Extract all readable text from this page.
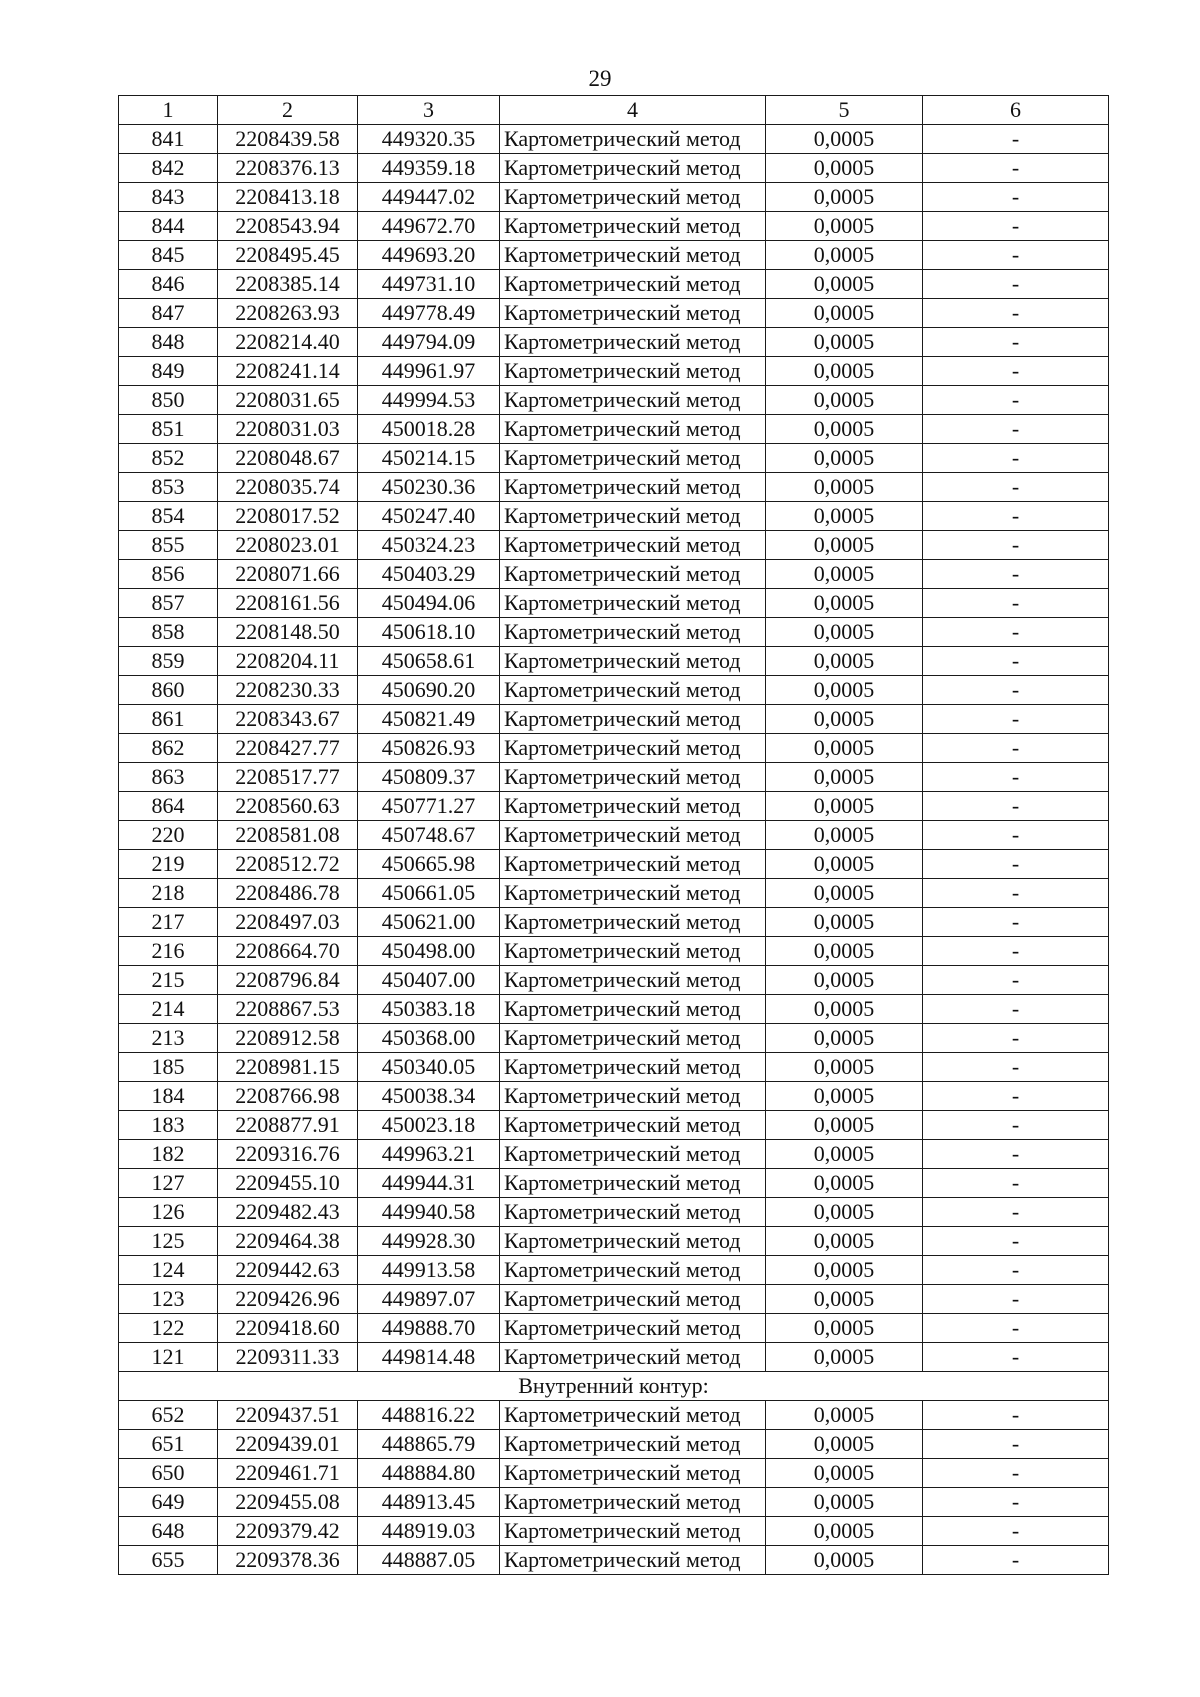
29
1	2	3	4	5	6
841	2208439.58	449320.35	Картометрический метод	0,0005	-
842	2208376.13	449359.18	Картометрический метод	0,0005	-
843	2208413.18	449447.02	Картометрический метод	0,0005	-
844	2208543.94	449672.70	Картометрический метод	0,0005	-
845	2208495.45	449693.20	Картометрический метод	0,0005	-
846	2208385.14	449731.10	Картометрический метод	0,0005	-
847	2208263.93	449778.49	Картометрический метод	0,0005	-
848	2208214.40	449794.09	Картометрический метод	0,0005	-
849	2208241.14	449961.97	Картометрический метод	0,0005	-
850	2208031.65	449994.53	Картометрический метод	0,0005	-
851	2208031.03	450018.28	Картометрический метод	0,0005	-
852	2208048.67	450214.15	Картометрический метод	0,0005	-
853	2208035.74	450230.36	Картометрический метод	0,0005	-
854	2208017.52	450247.40	Картометрический метод	0,0005	-
855	2208023.01	450324.23	Картометрический метод	0,0005	-
856	2208071.66	450403.29	Картометрический метод	0,0005	-
857	2208161.56	450494.06	Картометрический метод	0,0005	-
858	2208148.50	450618.10	Картометрический метод	0,0005	-
859	2208204.11	450658.61	Картометрический метод	0,0005	-
860	2208230.33	450690.20	Картометрический метод	0,0005	-
861	2208343.67	450821.49	Картометрический метод	0,0005	-
862	2208427.77	450826.93	Картометрический метод	0,0005	-
863	2208517.77	450809.37	Картометрический метод	0,0005	-
864	2208560.63	450771.27	Картометрический метод	0,0005	-
220	2208581.08	450748.67	Картометрический метод	0,0005	-
219	2208512.72	450665.98	Картометрический метод	0,0005	-
218	2208486.78	450661.05	Картометрический метод	0,0005	-
217	2208497.03	450621.00	Картометрический метод	0,0005	-
216	2208664.70	450498.00	Картометрический метод	0,0005	-
215	2208796.84	450407.00	Картометрический метод	0,0005	-
214	2208867.53	450383.18	Картометрический метод	0,0005	-
213	2208912.58	450368.00	Картометрический метод	0,0005	-
185	2208981.15	450340.05	Картометрический метод	0,0005	-
184	2208766.98	450038.34	Картометрический метод	0,0005	-
183	2208877.91	450023.18	Картометрический метод	0,0005	-
182	2209316.76	449963.21	Картометрический метод	0,0005	-
127	2209455.10	449944.31	Картометрический метод	0,0005	-
126	2209482.43	449940.58	Картометрический метод	0,0005	-
125	2209464.38	449928.30	Картометрический метод	0,0005	-
124	2209442.63	449913.58	Картометрический метод	0,0005	-
123	2209426.96	449897.07	Картометрический метод	0,0005	-
122	2209418.60	449888.70	Картометрический метод	0,0005	-
121	2209311.33	449814.48	Картометрический метод	0,0005	-
Внутренний контур:					
652	2209437.51	448816.22	Картометрический метод	0,0005	-
651	2209439.01	448865.79	Картометрический метод	0,0005	-
650	2209461.71	448884.80	Картометрический метод	0,0005	-
649	2209455.08	448913.45	Картометрический метод	0,0005	-
648	2209379.42	448919.03	Картометрический метод	0,0005	-
655	2209378.36	448887.05	Картометрический метод	0,0005	-
